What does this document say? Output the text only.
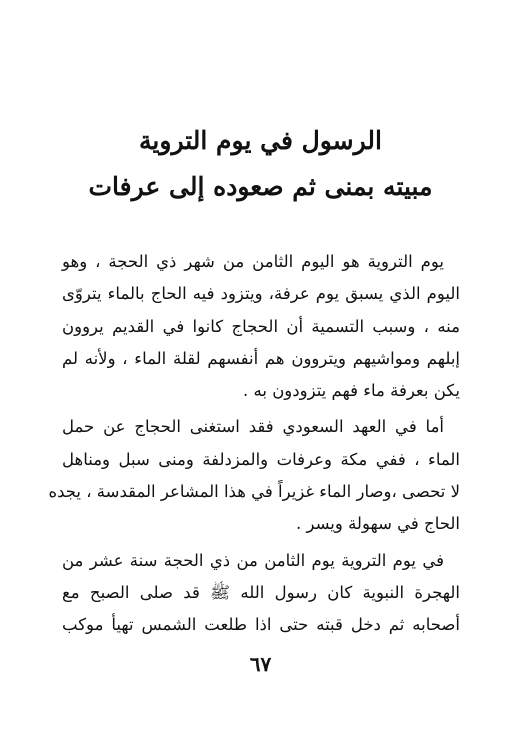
الرسول في يوم التروية
مبيته بمنى ثم صعوده إلى عرفات

يوم التروية هو اليوم الثامن من شهر ذي الحجة ، وهو
اليوم الذي يسبق يوم عرفة، ويتزود فيه الحاج بالماء يتروّى
منه ، وسبب التسمية أن الحجاج كانوا في القديم يروون
إبلهم ومواشيهم ويتروون هم أنفسهم لقلة الماء ، ولأنه لم
يكن بعرفة ماء فهم يتزودون به .

أما في العهد السعودي فقد استغنى الحجاج عن حمل
الماء ، ففي مكة وعرفات والمزدلفة ومنى سبل ومناهل
لا تحصى ،وصار الماء غزيراً في هذا المشاعر المقدسة ، يجده
الحاج في سهولة ويسر .

في يوم التروية يوم الثامن من ذي الحجة سنة عشر من
الهجرة النبوية كان رسول الله ﷺ قد صلى الصبح مع
أصحابه ثم دخل قبته حتى اذا طلعت الشمس تهيأ موكب

٦٧
